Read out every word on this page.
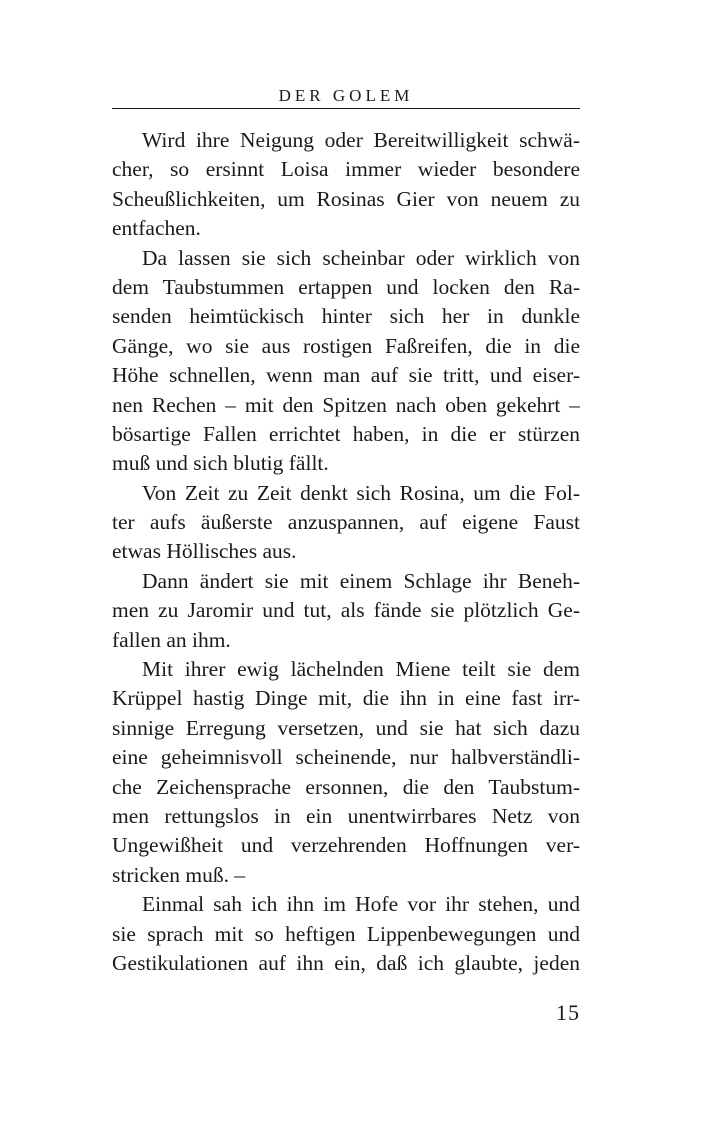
DER GOLEM
Wird ihre Neigung oder Bereitwilligkeit schwä-
cher, so ersinnt Loisa immer wieder besondere
Scheußlichkeiten, um Rosinas Gier von neuem zu
entfachen.
Da lassen sie sich scheinbar oder wirklich von
dem Taubstummen ertappen und locken den Ra-
senden heimtückisch hinter sich her in dunkle
Gänge, wo sie aus rostigen Faßreifen, die in die
Höhe schnellen, wenn man auf sie tritt, und eiser-
nen Rechen – mit den Spitzen nach oben gekehrt –
bösartige Fallen errichtet haben, in die er stürzen
muß und sich blutig fällt.
Von Zeit zu Zeit denkt sich Rosina, um die Fol-
ter aufs äußerste anzuspannen, auf eigene Faust
etwas Höllisches aus.
Dann ändert sie mit einem Schlage ihr Beneh-
men zu Jaromir und tut, als fände sie plötzlich Ge-
fallen an ihm.
Mit ihrer ewig lächelnden Miene teilt sie dem
Krüppel hastig Dinge mit, die ihn in eine fast irr-
sinnige Erregung versetzen, und sie hat sich dazu
eine geheimnisvoll scheinende, nur halbverständli-
che Zeichensprache ersonnen, die den Taubstum-
men rettungslos in ein unentwirrbares Netz von
Ungewißheit und verzehrenden Hoffnungen ver-
stricken muß. –
Einmal sah ich ihn im Hofe vor ihr stehen, und
sie sprach mit so heftigen Lippenbewegungen und
Gestikulationen auf ihn ein, daß ich glaubte, jeden
15
